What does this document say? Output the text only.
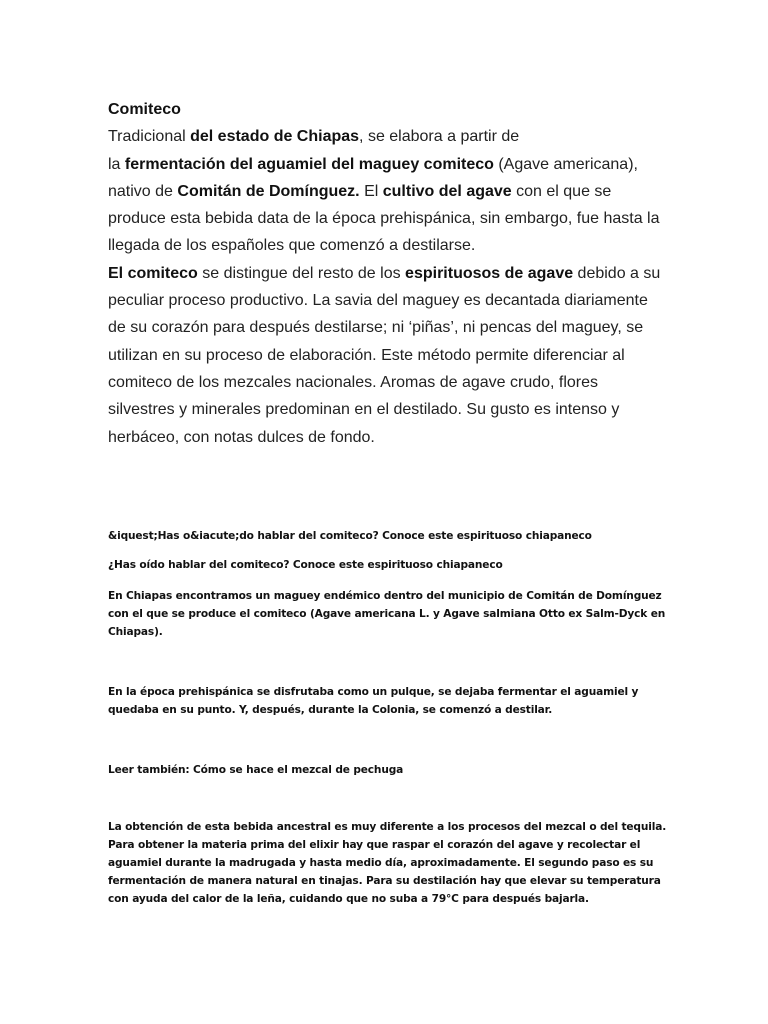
Comiteco

Tradicional del estado de Chiapas, se elabora a partir de
la fermentación del aguamiel del maguey comiteco (Agave americana), nativo de Comitán de Domínguez. El cultivo del agave con el que se produce esta bebida data de la época prehispánica, sin embargo, fue hasta la llegada de los españoles que comenzó a destilarse.

El comiteco se distingue del resto de los espirituosos de agave debido a su peculiar proceso productivo. La savia del maguey es decantada diariamente de su corazón para después destilarse; ni ‘piñas’, ni pencas del maguey, se utilizan en su proceso de elaboración. Este método permite diferenciar al comiteco de los mezcales nacionales. Aromas de agave crudo, flores silvestres y minerales predominan en el destilado. Su gusto es intenso y herbáceo, con notas dulces de fondo.

&iquest;Has o&iacute;do hablar del comiteco? Conoce este espirituoso chiapaneco

¿Has oído hablar del comiteco? Conoce este espirituoso chiapaneco

En Chiapas encontramos un maguey endémico dentro del municipio de Comitán de Domínguez con el que se produce el comiteco (Agave americana L. y Agave salmiana Otto ex Salm-Dyck en Chiapas).

En la época prehispánica se disfrutaba como un pulque, se dejaba fermentar el aguamiel y quedaba en su punto. Y, después, durante la Colonia, se comenzó a destilar.

Leer también: Cómo se hace el mezcal de pechuga

La obtención de esta bebida ancestral es muy diferente a los procesos del mezcal o del tequila. Para obtener la materia prima del elixir hay que raspar el corazón del agave y recolectar el aguamiel durante la madrugada y hasta medio día, aproximadamente. El segundo paso es su fermentación de manera natural en tinajas. Para su destilación hay que elevar su temperatura con ayuda del calor de la leña, cuidando que no suba a 79°C para después bajarla.
